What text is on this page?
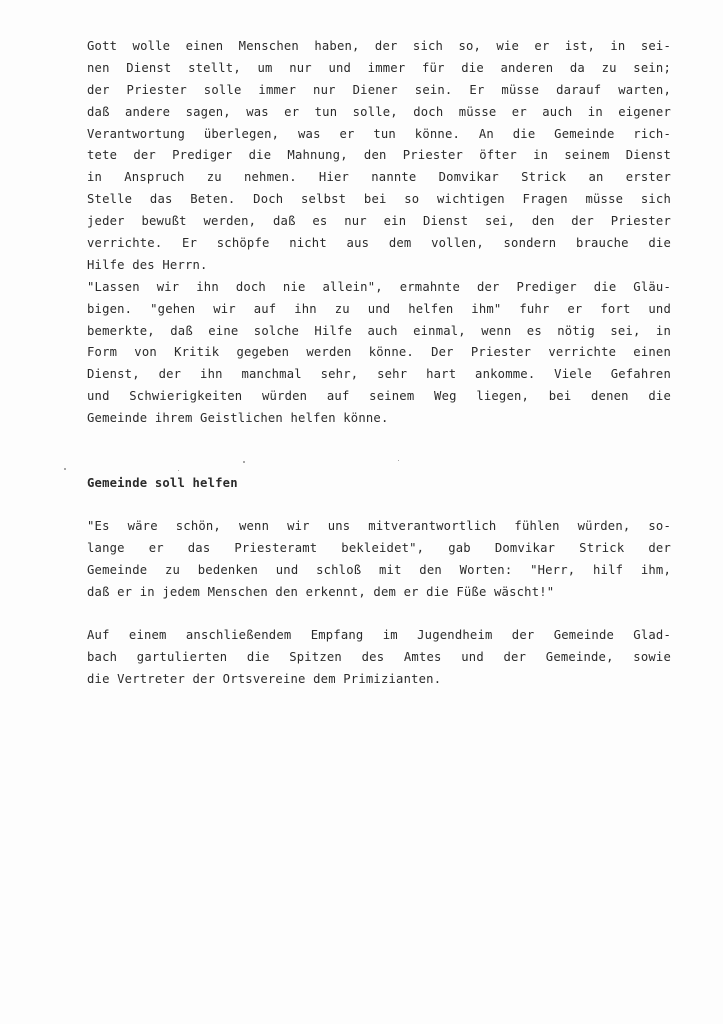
Gott wolle einen Menschen haben, der sich so, wie er ist, in sei-
nen Dienst stellt, um nur und immer für die anderen da zu sein;
der Priester solle immer nur Diener sein. Er müsse darauf warten,
daß andere sagen, was er tun solle, doch müsse er auch in eigener
Verantwortung überlegen, was er tun könne. An die Gemeinde rich-
tete der Prediger die Mahnung, den Priester öfter in seinem Dienst
in Anspruch zu nehmen. Hier nannte Domvikar Strick an erster
Stelle das Beten. Doch selbst bei so wichtigen Fragen müsse sich
jeder bewußt werden, daß es nur ein Dienst sei, den der Priester
verrichte. Er schöpfe nicht aus dem vollen, sondern brauche die
Hilfe des Herrn.
"Lassen wir ihn doch nie allein", ermahnte der Prediger die Gläu-
bigen. "gehen wir auf ihn zu und helfen ihm" fuhr er fort und
bemerkte, daß eine solche Hilfe auch einmal, wenn es nötig sei, in
Form von Kritik gegeben werden könne. Der Priester verrichte einen
Dienst, der ihn manchmal sehr, sehr hart ankomme. Viele Gefahren
und Schwierigkeiten würden auf seinem Weg liegen, bei denen die
Gemeinde ihrem Geistlichen helfen könne.
Gemeinde soll helfen
"Es wäre schön, wenn wir uns mitverantwortlich fühlen würden, so-
lange er das Priesteramt bekleidet", gab Domvikar Strick der
Gemeinde zu bedenken und schloß mit den Worten: "Herr, hilf ihm,
daß er in jedem Menschen den erkennt, dem er die Füße wäscht!"
Auf einem anschließendem Empfang im Jugendheim der Gemeinde Glad-
bach gartulierten die Spitzen des Amtes und der Gemeinde, sowie
die Vertreter der Ortsvereine dem Primizianten.
